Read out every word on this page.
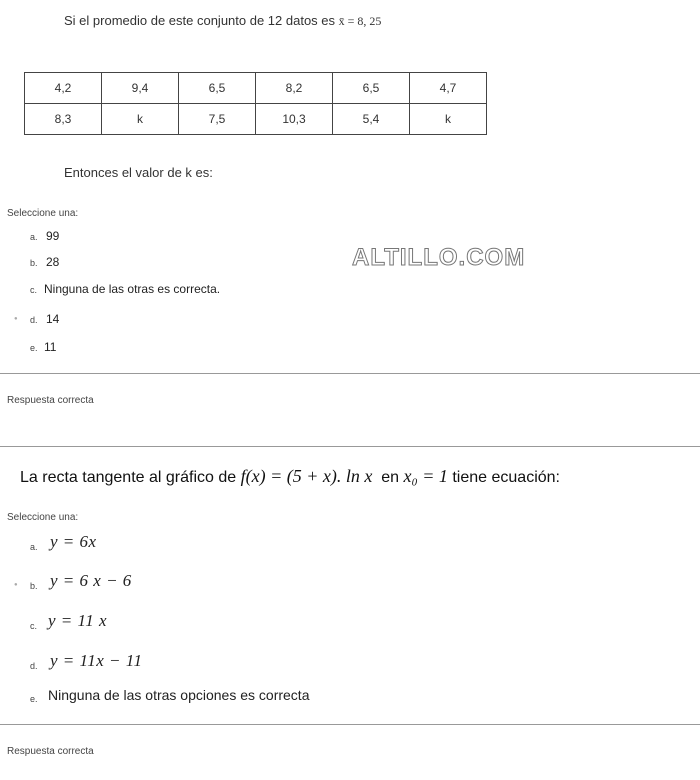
Si el promedio de este conjunto de 12 datos es x̄ = 8, 25
4,2	9,4	6,5	8,2	6,5	4,7
8,3	k	7,5	10,3	5,4	k
Entonces el valor de k es:
Seleccione una:
a. 99
b. 28
c. Ninguna de las otras es correcta.
● d. 14
e. 11
ALTILLO.COM
Respuesta correcta
La recta tangente al gráfico de f(x) = (5 + x). ln x en x₀ = 1 tiene ecuación:
Seleccione una:
a. y = 6x
● b. y = 6 x − 6
c. y = 11 x
d. y = 11x − 11
e. Ninguna de las otras opciones es correcta
Respuesta correcta
